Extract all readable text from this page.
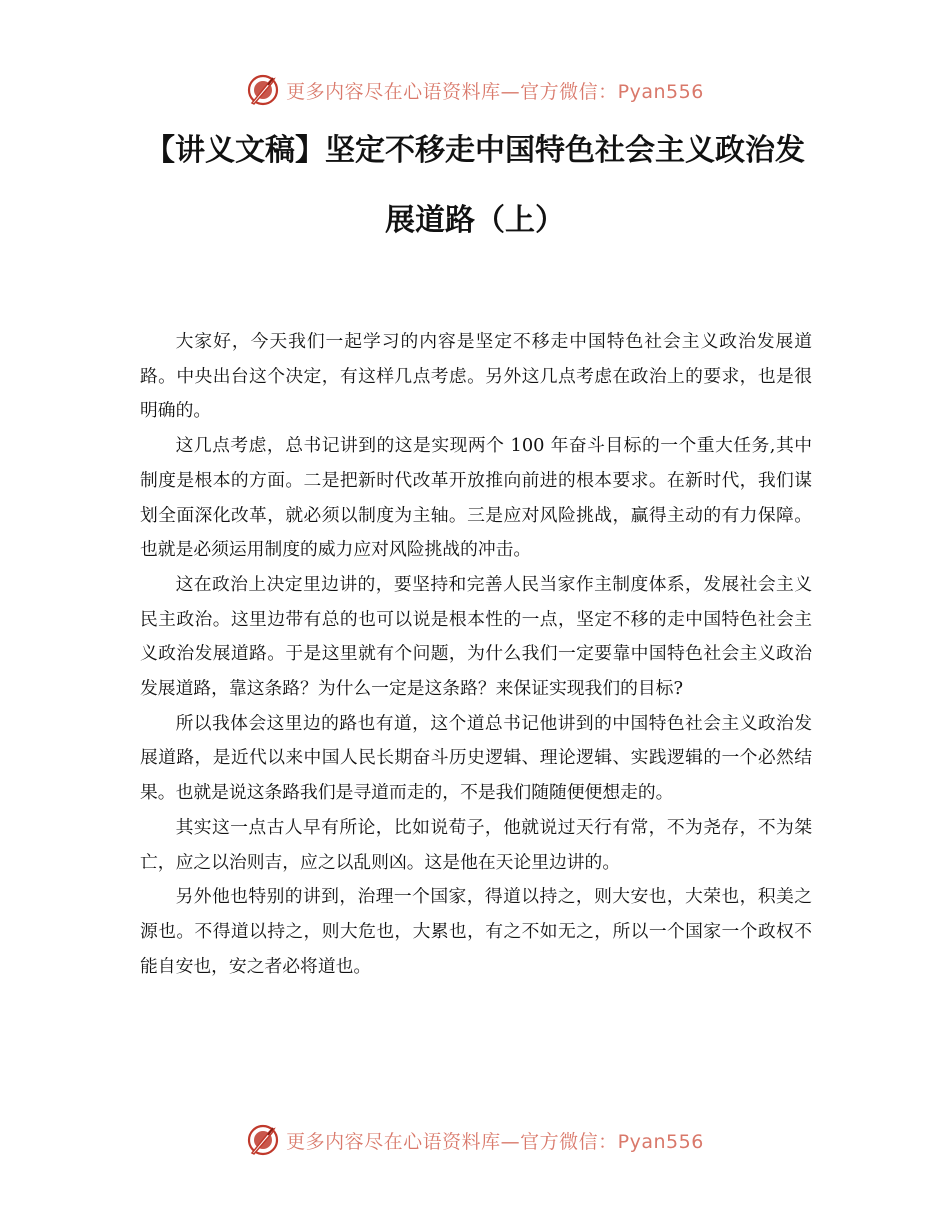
更多内容尽在心语资料库—官方微信：Pyan556
【讲义文稿】坚定不移走中国特色社会主义政治发展道路（上）

大家好，今天我们一起学习的内容是坚定不移走中国特色社会主义政治发展道路。中央出台这个决定，有这样几点考虑。另外这几点考虑在政治上的要求，也是很明确的。

这几点考虑，总书记讲到的这是实现两个 100 年奋斗目标的一个重大任务,其中制度是根本的方面。二是把新时代改革开放推向前进的根本要求。在新时代，我们谋划全面深化改革，就必须以制度为主轴。三是应对风险挑战，赢得主动的有力保障。也就是必须运用制度的威力应对风险挑战的冲击。

这在政治上决定里边讲的，要坚持和完善人民当家作主制度体系，发展社会主义民主政治。这里边带有总的也可以说是根本性的一点，坚定不移的走中国特色社会主义政治发展道路。于是这里就有个问题，为什么我们一定要靠中国特色社会主义政治发展道路，靠这条路？为什么一定是这条路？来保证实现我们的目标?

所以我体会这里边的路也有道，这个道总书记他讲到的中国特色社会主义政治发展道路，是近代以来中国人民长期奋斗历史逻辑、理论逻辑、实践逻辑的一个必然结果。也就是说这条路我们是寻道而走的，不是我们随随便便想走的。

其实这一点古人早有所论，比如说荀子，他就说过天行有常，不为尧存，不为桀亡，应之以治则吉，应之以乱则凶。这是他在天论里边讲的。

另外他也特别的讲到，治理一个国家，得道以持之，则大安也，大荣也，积美之源也。不得道以持之，则大危也，大累也，有之不如无之，所以一个国家一个政权不能自安也，安之者必将道也。

更多内容尽在心语资料库—官方微信：Pyan556
